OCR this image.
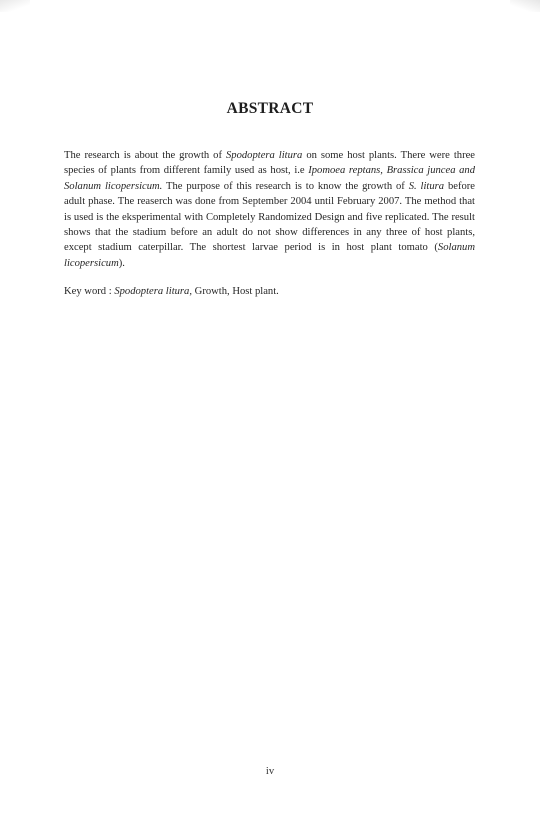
ABSTRACT

The research is about the growth of Spodoptera litura on some host plants. There were three species of plants from different family used as host, i.e Ipomoea reptans, Brassica juncea and Solanum licopersicum. The purpose of this research is to know the growth of S. litura before adult phase. The reaserch was done from September 2004 until February 2007. The method that is used is the eksperimental with Completely Randomized Design and five replicated. The result shows that the stadium before an adult do not show differences in any three of host plants, except stadium caterpillar. The shortest larvae period is in host plant tomato (Solanum licopersicum).

Key word : Spodoptera litura, Growth, Host plant.
iv
